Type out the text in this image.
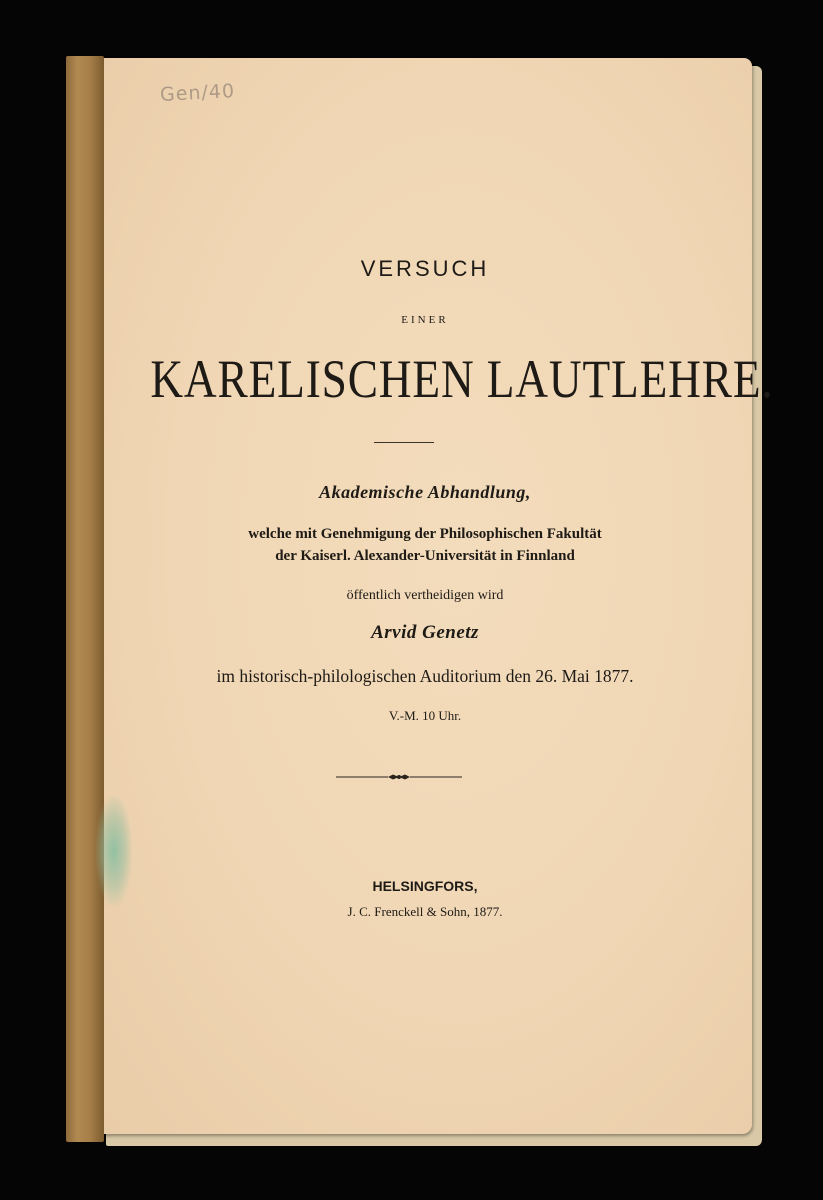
Gen/40
VERSUCH
EINER
KARELISCHEN LAUTLEHRE.
Akademische Abhandlung,
welche mit Genehmigung der Philosophischen Fakultät
der Kaiserl. Alexander-Universität in Finnland
öffentlich vertheidigen wird
Arvid Genetz
im historisch-philologischen Auditorium den 26. Mai 1877.
V.-M. 10 Uhr.
HELSINGFORS,
J. C. Frenckell & Sohn, 1877.
